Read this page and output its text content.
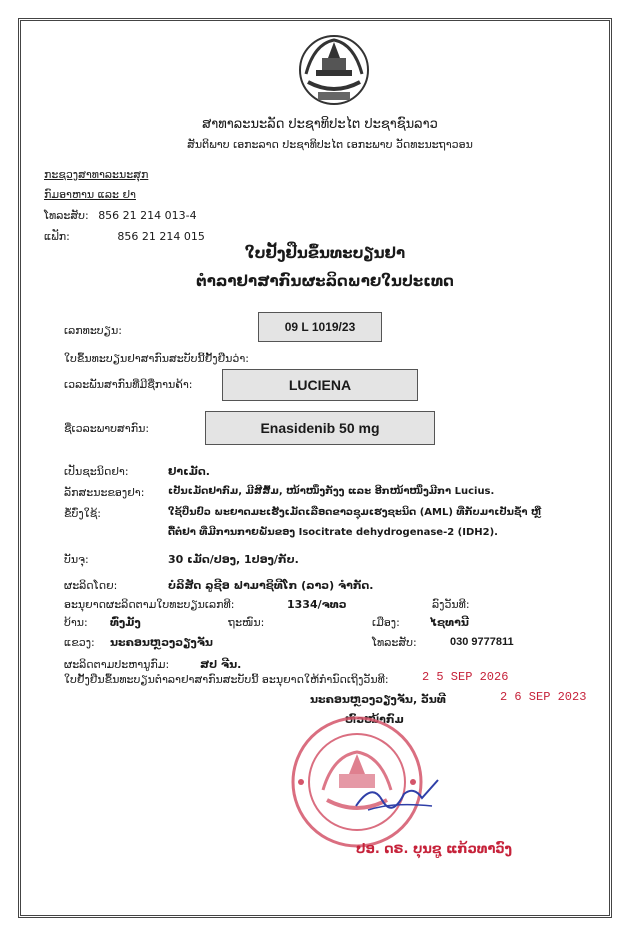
ສາທາລະນະລັດ ປະຊາທິປະໄຕ ປະຊາຊົນລາວ
ສັນຕິພາບ ເອກະລາດ ປະຊາທິປະໄຕ ເອກະພາບ ວັດທະນະຖາວອນ
ກະຊວງສາທາລະນະສຸກ
ກົມອາຫານ ແລະ ຢາ
ໂທລະສັບ: 856 21 214 013-4
ແຟັກ:	856 21 214 015
ໃບຢັ້ງຢືນຂຶ້ນທະບຽນຢາ
ຕຳລາຢາສາກົນຜະລິດພາຍໃນປະເທດ
ເລກທະບຽນ:	09 L 1019/23
ໃບຂຶ້ນທະບຽນຢາສາກົນສະບັບນີ້ຢັ້ງຢືນວ່າ:
ເວລະພັນສາກົນທີ່ມີຊື່ການຄ້າ:	LUCIENA
ຊື່ເວລະພາບສາກົນ:	Enasidenib 50 mg
ເປັນຊະນິດຢາ:	ຢາເມັດ.
ລັກສະນະຂອງຢາ: ເປັນເມັດຢາກົມ, ມີສີສົ້ມ, ໜ້າໜຶ່ງກັງງ ແລະ ອີກໜ້າໜຶ່ງມີກາ Lucius.
ຂໍ້ບົ່ງໃຊ້:	ໃຊ້ປິ່ນປົວ ພະຍາດມະເຮັງເມັດເລືອດຂາວຊຸມເຮງຊະນິດ (AML) ທີ່ກັບມາເປັນຊ້ຳ ຫຼື
ດື້ຕໍ່ຢາ ທີ່ມີການກາຍພັນຂອງ Isocitrate dehydrogenase-2 (IDH2).
ບັນຈຸ:	30 ເມັດ/ປອງ, 1ປອງ/ກັບ.
ຜະລິດໂດຍ:	ບໍລິສັດ ລູຊີອ ຟາມາຊິທີໂກ (ລາວ) ຈຳກັດ.
ອະນຸຍາດຜະລິດຕາມໃບທະບຽນເລກທີ:	1334/ຈທວ	ລົງວັນທີ:
ບ້ານ: ທົ່ງມັງ	ຖະໜົນ:	ເມືອງ:	ໄຊທານີ
ແຂວງ: ນະຄອນຫຼວງວຽງຈັນ	ໂທລະສັບ:	030 9777811
ຜະລິດຕາມປະຫານູກົມ:	ສປ ຈີນ.
ໃບຢັ້ງຢືນຂຶ້ນທະບຽນຕຳລາຢາສາກົນສະບັບນີ້ ອະນຸຍາດໃຫ້ກຳນົດເຖິງວັນທີ:	2 5 SEP 2026
ນະຄອນຫຼວງວຽງຈັນ, ວັນທີ	2 6 SEP 2023
ຫົວໜ້າກົມ
ປອ. ດຣ. ບຸນຊູ ແກ້ວທາວົງ
